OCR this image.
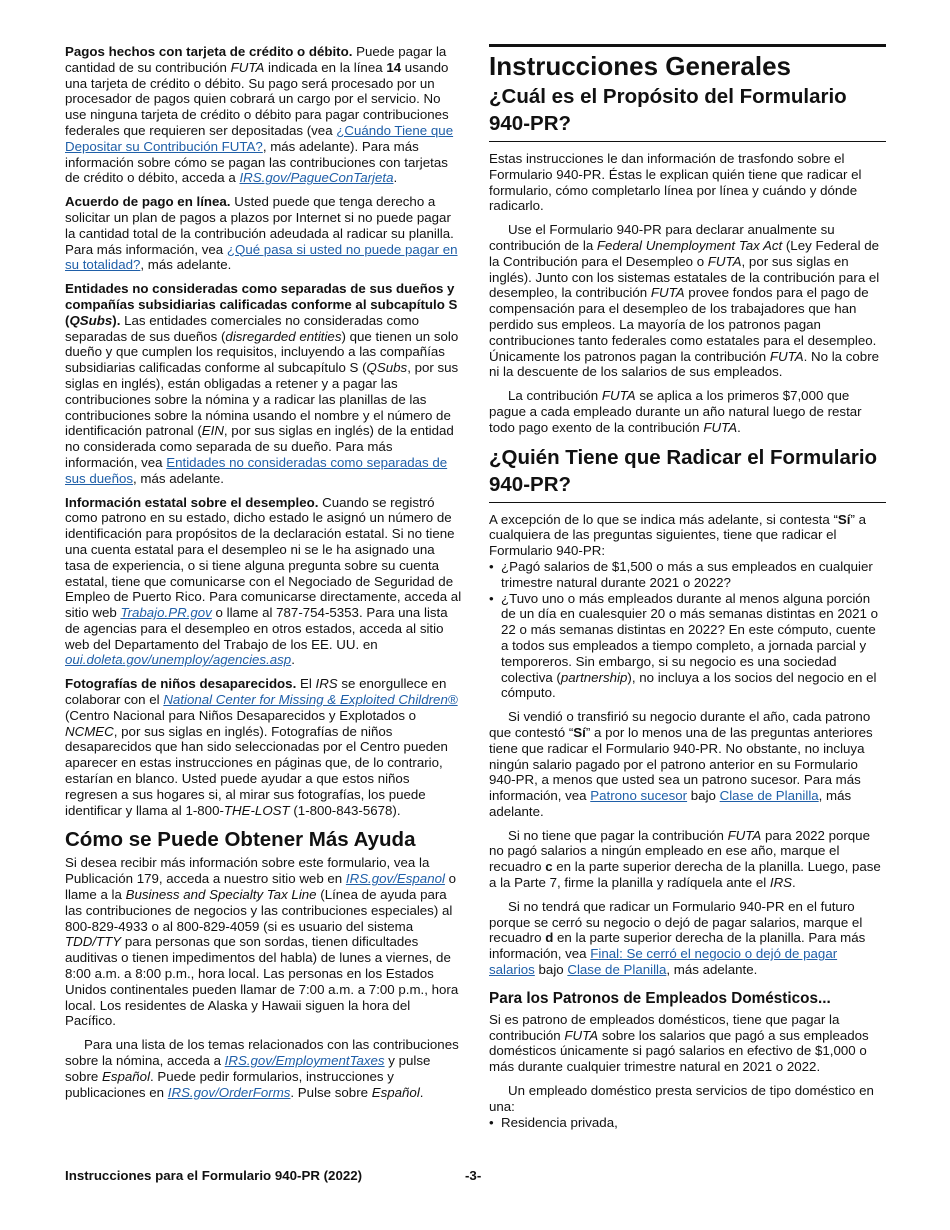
Pagos hechos con tarjeta de crédito o débito. Puede pagar la cantidad de su contribución FUTA indicada en la línea 14 usando una tarjeta de crédito o débito. Su pago será procesado por un procesador de pagos quien cobrará un cargo por el servicio. No use ninguna tarjeta de crédito o débito para pagar contribuciones federales que requieren ser depositadas (vea ¿Cuándo Tiene que Depositar su Contribución FUTA?, más adelante). Para más información sobre cómo se pagan las contribuciones con tarjetas de crédito o débito, acceda a IRS.gov/PagueConTarjeta.

Acuerdo de pago en línea. Usted puede que tenga derecho a solicitar un plan de pagos a plazos por Internet si no puede pagar la cantidad total de la contribución adeudada al radicar su planilla. Para más información, vea ¿Qué pasa si usted no puede pagar en su totalidad?, más adelante.

Entidades no consideradas como separadas de sus dueños y compañías subsidiarias calificadas conforme al subcapítulo S (QSubs). Las entidades comerciales no consideradas como separadas de sus dueños (disregarded entities) que tienen un solo dueño y que cumplen los requisitos, incluyendo a las compañías subsidiarias calificadas conforme al subcapítulo S (QSubs, por sus siglas en inglés), están obligadas a retener y a pagar las contribuciones sobre la nómina y a radicar las planillas de las contribuciones sobre la nómina usando el nombre y el número de identificación patronal (EIN, por sus siglas en inglés) de la entidad no considerada como separada de su dueño. Para más información, vea Entidades no consideradas como separadas de sus dueños, más adelante.

Información estatal sobre el desempleo. Cuando se registró como patrono en su estado, dicho estado le asignó un número de identificación para propósitos de la declaración estatal. Si no tiene una cuenta estatal para el desempleo ni se le ha asignado una tasa de experiencia, o si tiene alguna pregunta sobre su cuenta estatal, tiene que comunicarse con el Negociado de Seguridad de Empleo de Puerto Rico. Para comunicarse directamente, acceda al sitio web Trabajo.PR.gov o llame al 787-754-5353. Para una lista de agencias para el desempleo en otros estados, acceda al sitio web del Departamento del Trabajo de los EE. UU. en oui.doleta.gov/unemploy/agencies.asp.

Fotografías de niños desaparecidos. El IRS se enorgullece en colaborar con el National Center for Missing & Exploited Children® (Centro Nacional para Niños Desaparecidos y Explotados o NCMEC, por sus siglas en inglés). Fotografías de niños desaparecidos que han sido seleccionadas por el Centro pueden aparecer en estas instrucciones en páginas que, de lo contrario, estarían en blanco. Usted puede ayudar a que estos niños regresen a sus hogares si, al mirar sus fotografías, los puede identificar y llama al 1-800-THE-LOST (1-800-843-5678).

Cómo se Puede Obtener Más Ayuda

Si desea recibir más información sobre este formulario, vea la Publicación 179, acceda a nuestro sitio web en IRS.gov/Espanol o llame a la Business and Specialty Tax Line (Línea de ayuda para las contribuciones de negocios y las contribuciones especiales) al 800-829-4933 o al 800-829-4059 (si es usuario del sistema TDD/TTY para personas que son sordas, tienen dificultades auditivas o tienen impedimentos del habla) de lunes a viernes, de 8:00 a.m. a 8:00 p.m., hora local. Las personas en los Estados Unidos continentales pueden llamar de 7:00 a.m. a 7:00 p.m., hora local. Los residentes de Alaska y Hawaii siguen la hora del Pacífico.

Para una lista de los temas relacionados con las contribuciones sobre la nómina, acceda a IRS.gov/EmploymentTaxes y pulse sobre Español. Puede pedir formularios, instrucciones y publicaciones en IRS.gov/OrderForms. Pulse sobre Español.

Instrucciones Generales
¿Cuál es el Propósito del Formulario 940-PR?

Estas instrucciones le dan información de trasfondo sobre el Formulario 940-PR. Éstas le explican quién tiene que radicar el formulario, cómo completarlo línea por línea y cuándo y dónde radicarlo.

Use el Formulario 940-PR para declarar anualmente su contribución de la Federal Unemployment Tax Act (Ley Federal de la Contribución para el Desempleo o FUTA, por sus siglas en inglés). Junto con los sistemas estatales de la contribución para el desempleo, la contribución FUTA provee fondos para el pago de compensación para el desempleo de los trabajadores que han perdido sus empleos. La mayoría de los patronos pagan contribuciones tanto federales como estatales para el desempleo. Únicamente los patronos pagan la contribución FUTA. No la cobre ni la descuente de los salarios de sus empleados.

La contribución FUTA se aplica a los primeros $7,000 que pague a cada empleado durante un año natural luego de restar todo pago exento de la contribución FUTA.

¿Quién Tiene que Radicar el Formulario 940-PR?

A excepción de lo que se indica más adelante, si contesta “Sí” a cualquiera de las preguntas siguientes, tiene que radicar el Formulario 940-PR:

• ¿Pagó salarios de $1,500 o más a sus empleados en cualquier trimestre natural durante 2021 o 2022?
• ¿Tuvo uno o más empleados durante al menos alguna porción de un día en cualesquier 20 o más semanas distintas en 2021 o 22 o más semanas distintas en 2022? En este cómputo, cuente a todos sus empleados a tiempo completo, a jornada parcial y temporeros. Sin embargo, si su negocio es una sociedad colectiva (partnership), no incluya a los socios del negocio en el cómputo.

Si vendió o transfirió su negocio durante el año, cada patrono que contestó “Sí” a por lo menos una de las preguntas anteriores tiene que radicar el Formulario 940-PR. No obstante, no incluya ningún salario pagado por el patrono anterior en su Formulario 940-PR, a menos que usted sea un patrono sucesor. Para más información, vea Patrono sucesor bajo Clase de Planilla, más adelante.

Si no tiene que pagar la contribución FUTA para 2022 porque no pagó salarios a ningún empleado en ese año, marque el recuadro c en la parte superior derecha de la planilla. Luego, pase a la Parte 7, firme la planilla y radíquela ante el IRS.

Si no tendrá que radicar un Formulario 940-PR en el futuro porque se cerró su negocio o dejó de pagar salarios, marque el recuadro d en la parte superior derecha de la planilla. Para más información, vea Final: Se cerró el negocio o dejó de pagar salarios bajo Clase de Planilla, más adelante.

Para los Patronos de Empleados Domésticos...

Si es patrono de empleados domésticos, tiene que pagar la contribución FUTA sobre los salarios que pagó a sus empleados domésticos únicamente si pagó salarios en efectivo de $1,000 o más durante cualquier trimestre natural en 2021 o 2022.

Un empleado doméstico presta servicios de tipo doméstico en una:

• Residencia privada,
Instrucciones para el Formulario 940-PR (2022)	-3-
